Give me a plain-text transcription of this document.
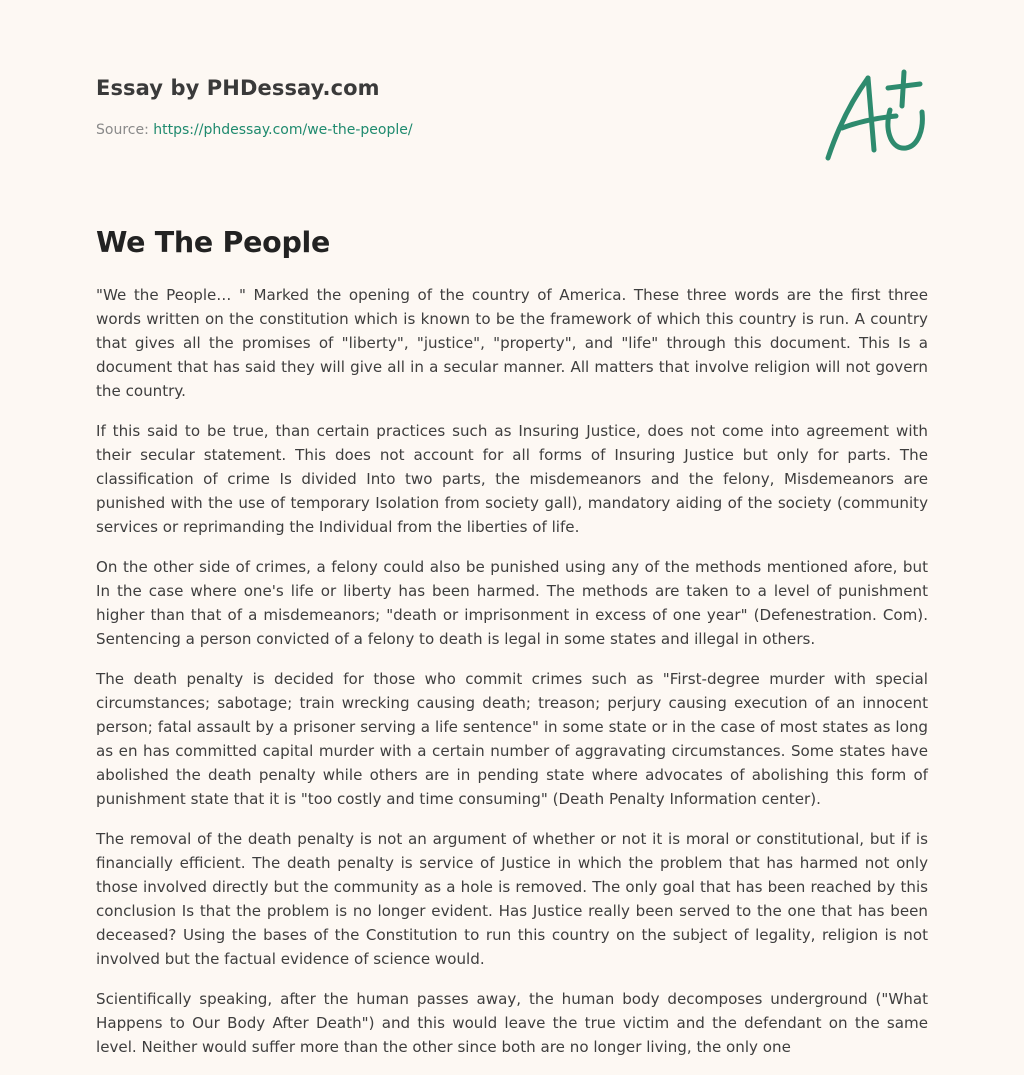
Essay by PHDessay.com
Source: https://phdessay.com/we-the-people/
We The People

"We the People… " Marked the opening of the country of America. These three words are the first three words written on the constitution which is known to be the framework of which this country is run. A country that gives all the promises of "liberty", "justice", "property", and "life" through this document. This Is a document that has said they will give all in a secular manner. All matters that involve religion will not govern the country.

If this said to be true, than certain practices such as Insuring Justice, does not come into agreement with their secular statement. This does not account for all forms of Insuring Justice but only for parts. The classification of crime Is divided Into two parts, the misdemeanors and the felony, Misdemeanors are punished with the use of temporary Isolation from society gall), mandatory aiding of the society (community services or reprimanding the Individual from the liberties of life.

On the other side of crimes, a felony could also be punished using any of the methods mentioned afore, but In the case where one's life or liberty has been harmed. The methods are taken to a level of punishment higher than that of a misdemeanors; "death or imprisonment in excess of one year" (Defenestration. Com). Sentencing a person convicted of a felony to death is legal in some states and illegal in others.

The death penalty is decided for those who commit crimes such as "First-degree murder with special circumstances; sabotage; train wrecking causing death; treason; perjury causing execution of an innocent person; fatal assault by a prisoner serving a life sentence" in some state or in the case of most states as long as en has committed capital murder with a certain number of aggravating circumstances. Some states have abolished the death penalty while others are in pending state where advocates of abolishing this form of punishment state that it is "too costly and time consuming" (Death Penalty Information center).

The removal of the death penalty is not an argument of whether or not it is moral or constitutional, but if is financially efficient. The death penalty is service of Justice in which the problem that has harmed not only those involved directly but the community as a hole is removed. The only goal that has been reached by this conclusion Is that the problem is no longer evident. Has Justice really been served to the one that has been deceased? Using the bases of the Constitution to run this country on the subject of legality, religion is not involved but the factual evidence of science would.

Scientifically speaking, after the human passes away, the human body decomposes underground ("What Happens to Our Body After Death") and this would leave the true victim and the defendant on the same level. Neither would suffer more than the other since both are no longer living, the only one
